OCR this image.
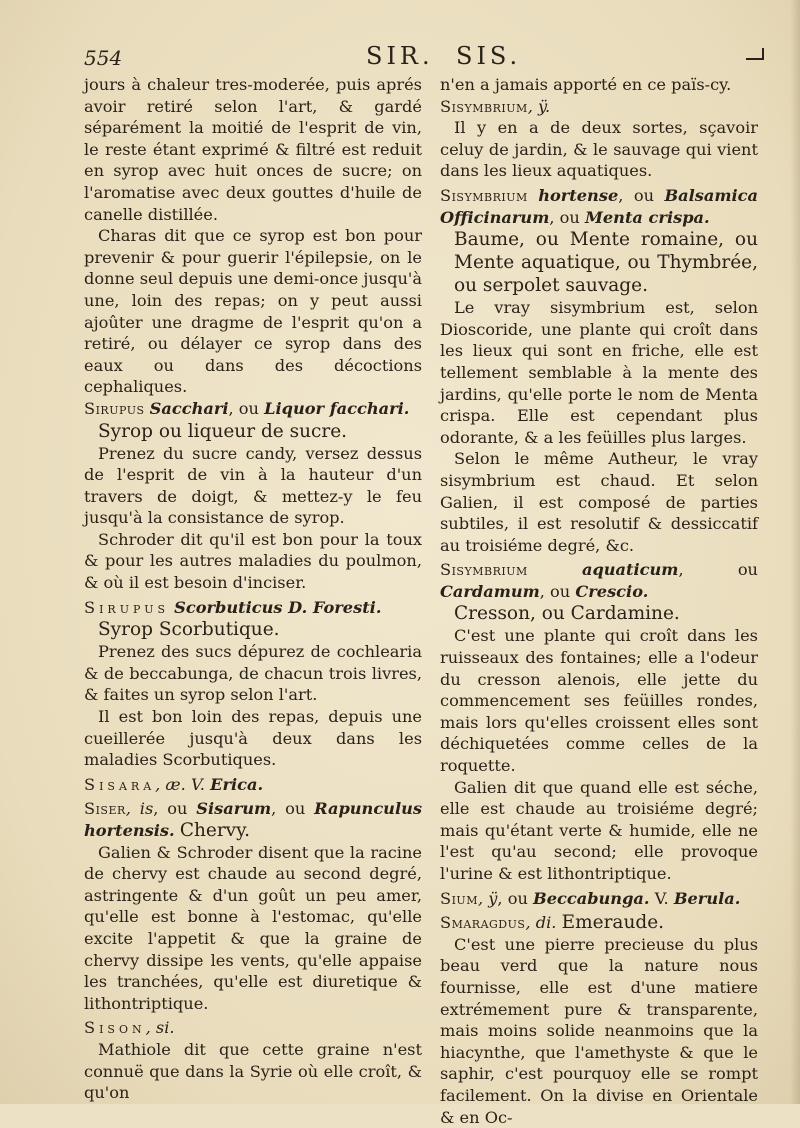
554	SIR. SIS.

jours à chaleur tres-moderée, puis aprés avoir retiré selon l'art, & gardé séparément la moitié de l'esprit de vin, le reste étant exprimé & filtré est reduit en syrop avec huit onces de sucre; on l'aromatise avec deux gouttes d'huile de canelle distillée.

Charas dit que ce syrop est bon pour prevenir & pour guerir l'épilepsie, on le donne seul depuis une demi-once jusqu'à une, loin des repas; on y peut aussi ajoûter une dragme de l'esprit qu'on a retiré, ou délayer ce syrop dans des eaux ou dans des décoctions cephaliques.

Sirupus Sacchari, ou Liquor facchari.
Syrop ou liqueur de sucre.

Prenez du sucre candy, versez dessus de l'esprit de vin à la hauteur d'un travers de doigt, & mettez-y le feu jusqu'à la consistance de syrop.

Schroder dit qu'il est bon pour la toux & pour les autres maladies du poulmon, & où il est besoin d'inciser.

Sirupus Scorbuticus D. Foresti.
Syrop Scorbutique.

Prenez des sucs dépurez de cochlearia & de beccabunga, de chacun trois livres, & faites un syrop selon l'art.

Il est bon loin des repas, depuis une cueillerée jusqu'à deux dans les maladies Scorbutiques.

Sisara, æ. V. Erica.
Siser, is, ou Sisarum, ou Rapunculus hortensis. Chervy.

Galien & Schroder disent que la racine de chervy est chaude au second degré, astringente & d'un goût un peu amer, qu'elle est bonne à l'estomac, qu'elle excite l'appetit & que la graine de chervy dissipe les vents, qu'elle appaise les tranchées, qu'elle est diuretique & lithontriptique.

Sison, si.

Mathiole dit que cette graine n'est connuë que dans la Syrie où elle croît, & qu'on

n'en a jamais apporté en ce païs-cy.

Sisymbrium, ÿ.

Il y en a de deux sortes, sçavoir celuy de jardin, & le sauvage qui vient dans les lieux aquatiques.

Sisymbrium hortense, ou Balsamica Officinarum, ou Menta crispa.
Baume, ou Mente romaine, ou Mente aquatique, ou Thymbrée, ou serpolet sauvage.

Le vray sisymbrium est, selon Dioscoride, une plante qui croît dans les lieux qui sont en friche, elle est tellement semblable à la mente des jardins, qu'elle porte le nom de Menta crispa. Elle est cependant plus odorante, & a les feüilles plus larges.

Selon le même Autheur, le vray sisymbrium est chaud. Et selon Galien, il est composé de parties subtiles, il est resolutif & dessiccatif au troisiéme degré, &c.

Sisymbrium	aquaticum, ou Cardamum, ou Crescio.
Cresson, ou Cardamine.

C'est une plante qui croît dans les ruisseaux des fontaines; elle a l'odeur du cresson alenois, elle jette du commencement ses feüilles rondes, mais lors qu'elles croissent elles sont déchiquetées comme celles de la roquette.

Galien dit que quand elle est séche, elle est chaude au troisiéme degré; mais qu'étant verte & humide, elle ne l'est qu'au second; elle provoque l'urine & est lithontriptique.

Sium, ÿ, ou Beccabunga. V. Berula.
Smaragdus, di. Emeraude.

C'est une pierre precieuse du plus beau verd que la nature nous fournisse, elle est d'une matiere extrémement pure & transparente, mais moins solide neanmoins que la hiacynthe, que l'amethyste & que le saphir, c'est pourquoy elle se rompt facilement. On la divise en Orientale & en Oc-
